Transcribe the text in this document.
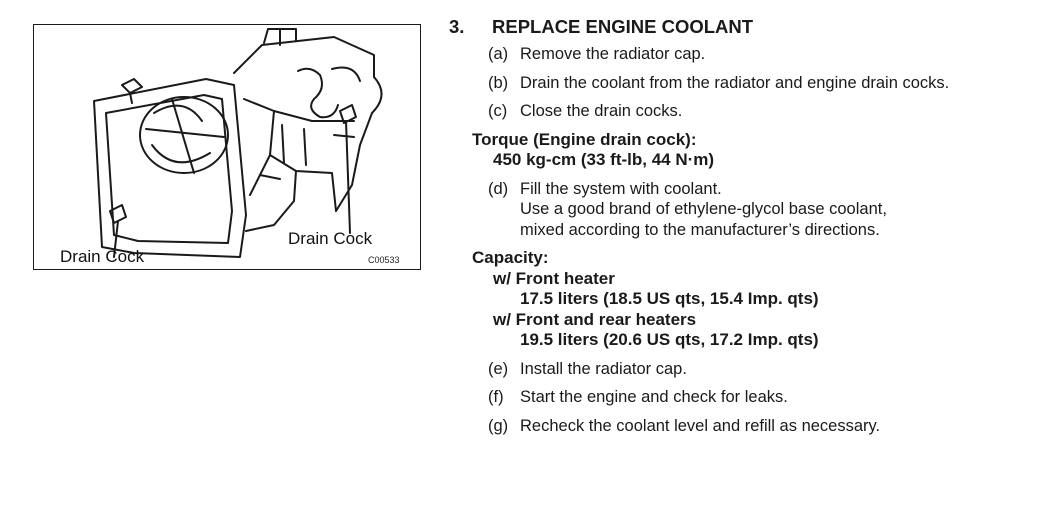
Drain Cock
Drain Cock	C00533
3.	REPLACE ENGINE COOLANT
(a) Remove the radiator cap.
(b) Drain the coolant from the radiator and engine drain cocks.
(c) Close the drain cocks.
Torque (Engine drain cock):
450 kg-cm (33 ft-lb, 44 N·m)
(d) Fill the system with coolant.
Use a good brand of ethylene-glycol base coolant,
mixed according to the manufacturer’s directions.
Capacity:
w/ Front heater
17.5 liters (18.5 US qts, 15.4 Imp. qts)
w/ Front and rear heaters
19.5 liters (20.6 US qts, 17.2 Imp. qts)
(e) Install the radiator cap.
(f) Start the engine and check for leaks.
(g) Recheck the coolant level and refill as necessary.
